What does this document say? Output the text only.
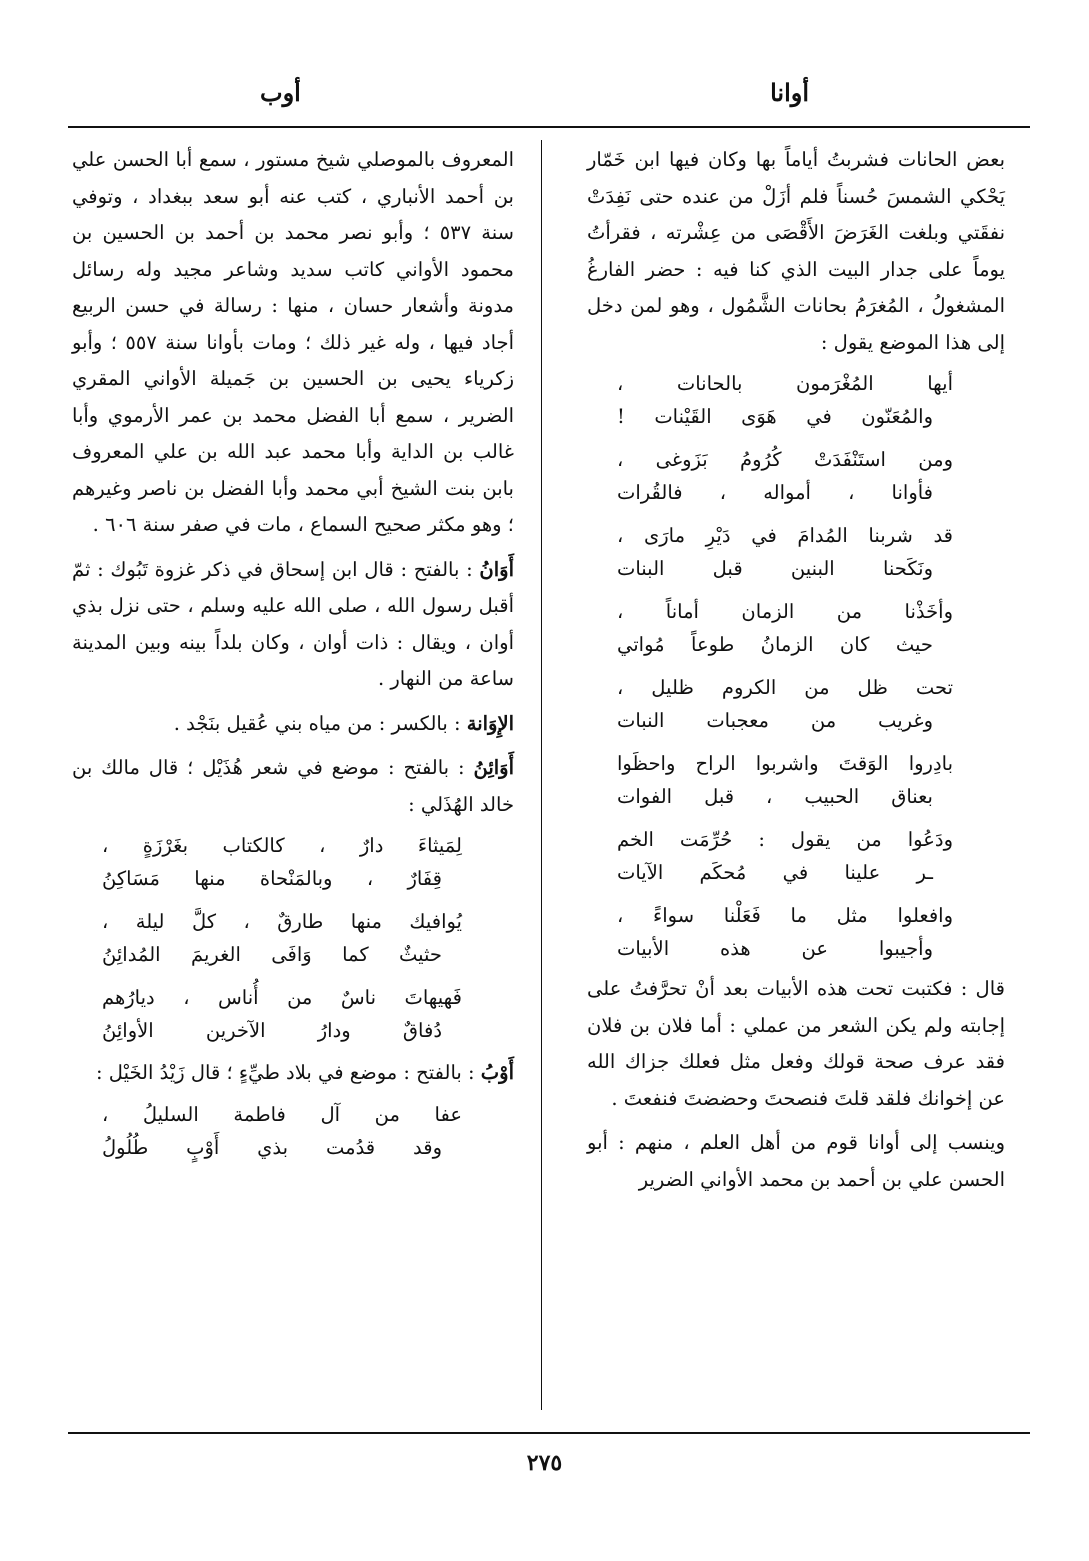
أوانا
أوب

بعض الحانات فشربتُ أياماً بها وكان فيها ابن خَمّار يَحْكي الشمسَ حُسناً فلم أزَلْ من عنده حتى نَفِدَتْ نفقَتي وبلغت الغَرَضَ الأَقْصَى من عِشْرته ، فقرأتُ يوماً على جدار البيت الذي كنا فيه : حضر الفارغُ المشغولُ ، المُغرَمُ بحانات الشَّمُول ، وهو لمن دخل إلى هذا الموضع يقول :

أيها المُغْرَمون بالحانات ،
والمُعَنّون في هَوَى القَيْنات !
ومن استَنْفَدَتْ كُرُومُ بَزَوغى ،
فأوانا ، أمواله ، فالقُرات
قد شربنا المُدامَ في دَيْرِ مارَى ،
ونَكَحنا البنين قبل البنات
وأخَذْنا من الزمان أماناً ،
حيث كان الزمانُ طوعاً مُواتي
تحت ظل من الكروم ظليل ،
وغريب من معجبات النبات
بادِروا الوَقتَ واشربوا الراح واحظَوا
بعناق الحبيب ، قبل الفوات
ودَعُوا من يقول : حُرِّمَت الخم
ـر علينا في مُحكَم الآيات
وافعلوا مثل ما فَعَلْنا سواءً ،
وأجيبوا عن هذه الأبيات

قال : فكتبت تحت هذه الأبيات بعد أنْ تحرَّفتُ على إجابته ولم يكن الشعر من عملي : أما فلان بن فلان فقد عرف صحة قولك وفعل مثل فعلك جزاك الله عن إخوانك فلقد قلتَ فنصحتَ وحضضتَ فنفعتَ .

وينسب إلى أوانا قوم من أهل العلم ، منهم : أبو الحسن علي بن أحمد بن محمد الأواني الضرير

المعروف بالموصلي شيخ مستور ، سمع أبا الحسن علي بن أحمد الأنباري ، كتب عنه أبو سعد ببغداد ، وتوفي سنة ٥٣٧ ؛ وأبو نصر محمد بن أحمد بن الحسين بن محمود الأواني كاتب سديد وشاعر مجيد وله رسائل مدونة وأشعار حسان ، منها : رسالة في حسن الربيع أجاد فيها ، وله غير ذلك ؛ ومات بأوانا سنة ٥٥٧ ؛ وأبو زكرياء يحيى بن الحسين بن جَميلة الأواني المقري الضرير ، سمع أبا الفضل محمد بن عمر الأرموي وأبا غالب بن الداية وأبا محمد عبد الله بن علي المعروف بابن بنت الشيخ أبي محمد وأبا الفضل بن ناصر وغيرهم ؛ وهو مكثر صحيح السماع ، مات في صفر سنة ٦٠٦ .

أَوَانُ : بالفتح : قال ابن إسحاق في ذكر غزوة تَبُوك : ثمّ أقبل رسول الله ، صلى الله عليه وسلم ، حتى نزل بذي أوان ، ويقال : ذات أوان ، وكان بلداً بينه وبين المدينة ساعة من النهار .

الإِوَانة : بالكسر : من مياه بني عُقيل بنَجْد .

أَوَائِنُ : بالفتح : موضع في شعر هُذَيْل ؛ قال مالك بن خالد الهُذَلي :

لِمَيثاءَ دارٌ ، كالكتاب بغَرْزَةٍ ،
قِفَارٌ ، وبالمَنْحاة منها مَسَاكِنُ
يُوافيك منها طارقٌ ، كلَّ ليلة ،
حثيثٌ كما وَافَى الغريمَ المُدائِنُ
فَهيهاتَ ناسٌ من أُناس ، ديارُهم
دُفاقٌ ودارُ الآخرين الأوائِنُ

أَوْبُ : بالفتح : موضع في بلاد طيِّءٍ ؛ قال زَيْدُ الخَيْل :

عفا من آل فاطمة السليلُ ،
وقد قدُمت بذي أَوْبٍ طُلُولُ
٢٧٥
